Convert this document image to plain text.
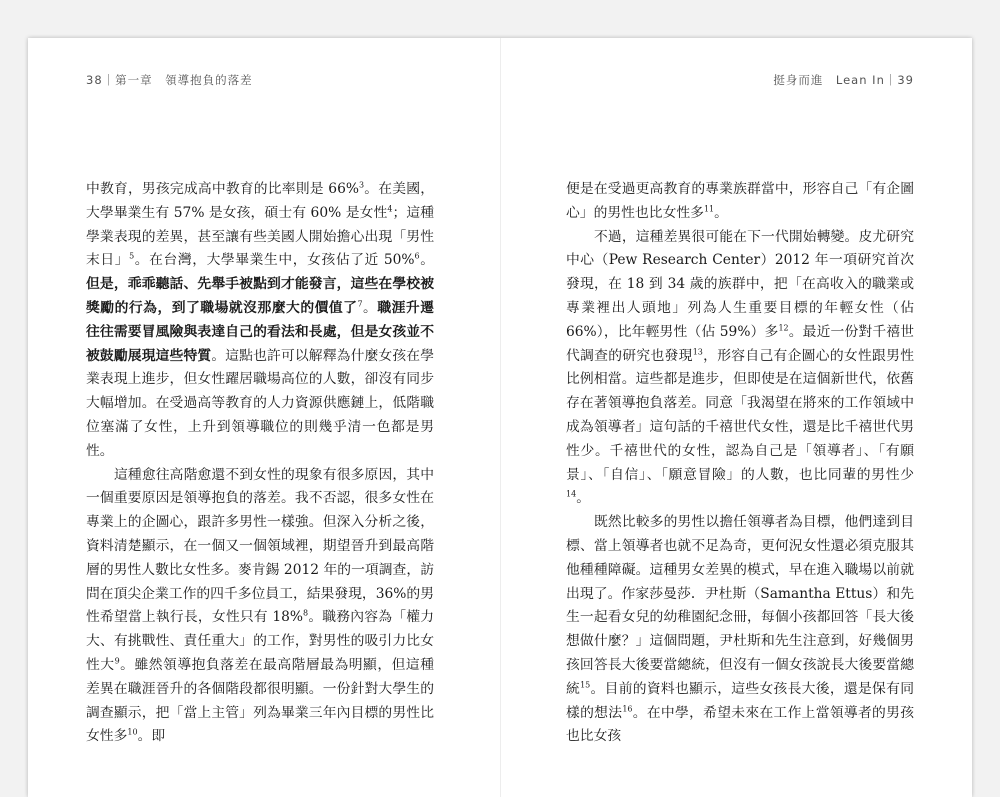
38｜第一章　領導抱負的落差

中教育，男孩完成高中教育的比率則是 66%$^3$。在美國，大學畢業生有 57% 是女孩，碩士有 60% 是女性$^4$；這種學業表現的差異，甚至讓有些美國人開始擔心出現「男性末日」$^5$。在台灣，大學畢業生中，女孩佔了近 50%$^6$。但是，乖乖聽話、先舉手被點到才能發言，這些在學校被獎勵的行為，到了職場就沒那麼大的價值了$^7$。職涯升遷往往需要冒風險與表達自己的看法和長處，但是女孩並不被鼓勵展現這些特質。這點也許可以解釋為什麼女孩在學業表現上進步，但女性躍居職場高位的人數，卻沒有同步大幅增加。在受過高等教育的人力資源供應鏈上，低階職位塞滿了女性，上升到領導職位的則幾乎清一色都是男性。

這種愈往高階愈還不到女性的現象有很多原因，其中一個重要原因是領導抱負的落差。我不否認，很多女性在專業上的企圖心，跟許多男性一樣強。但深入分析之後，資料清楚顯示，在一個又一個領域裡，期望晉升到最高階層的男性人數比女性多。麥肯錫 2012 年的一項調查，訪問在頂尖企業工作的四千多位員工，結果發現，36%的男性希望當上執行長，女性只有 18%$^8$。職務內容為「權力大、有挑戰性、責任重大」的工作，對男性的吸引力比女性大$^9$。雖然領導抱負落差在最高階層最為明顯，但這種差異在職涯晉升的各個階段都很明顯。一份針對大學生的調查顯示，把「當上主管」列為畢業三年內目標的男性比女性多$^{10}$。即

挺身而進　Lean In｜39

便是在受過更高教育的專業族群當中，形容自己「有企圖心」的男性也比女性多$^{11}$。

不過，這種差異很可能在下一代開始轉變。皮尤研究中心（Pew Research Center）2012 年一項研究首次發現，在 18 到 34 歲的族群中，把「在高收入的職業或專業裡出人頭地」列為人生重要目標的年輕女性（佔 66%），比年輕男性（佔 59%）多$^{12}$。最近一份對千禧世代調查的研究也發現$^{13}$，形容自己有企圖心的女性跟男性比例相當。這些都是進步，但即使是在這個新世代，依舊存在著領導抱負落差。同意「我渴望在將來的工作領域中成為領導者」這句話的千禧世代女性，還是比千禧世代男性少。千禧世代的女性，認為自己是「領導者」、「有願景」、「自信」、「願意冒險」的人數，也比同輩的男性少$^{14}$。

既然比較多的男性以擔任領導者為目標，他們達到目標、當上領導者也就不足為奇，更何況女性還必須克服其他種種障礙。這種男女差異的模式，早在進入職場以前就出現了。作家莎曼莎．尹杜斯（Samantha Ettus）和先生一起看女兒的幼稚園紀念冊，每個小孩都回答「長大後想做什麼？」這個問題，尹杜斯和先生注意到，好幾個男孩回答長大後要當總統，但沒有一個女孩說長大後要當總統$^{15}$。目前的資料也顯示，這些女孩長大後，還是保有同樣的想法$^{16}$。在中學，希望未來在工作上當領導者的男孩也比女孩
